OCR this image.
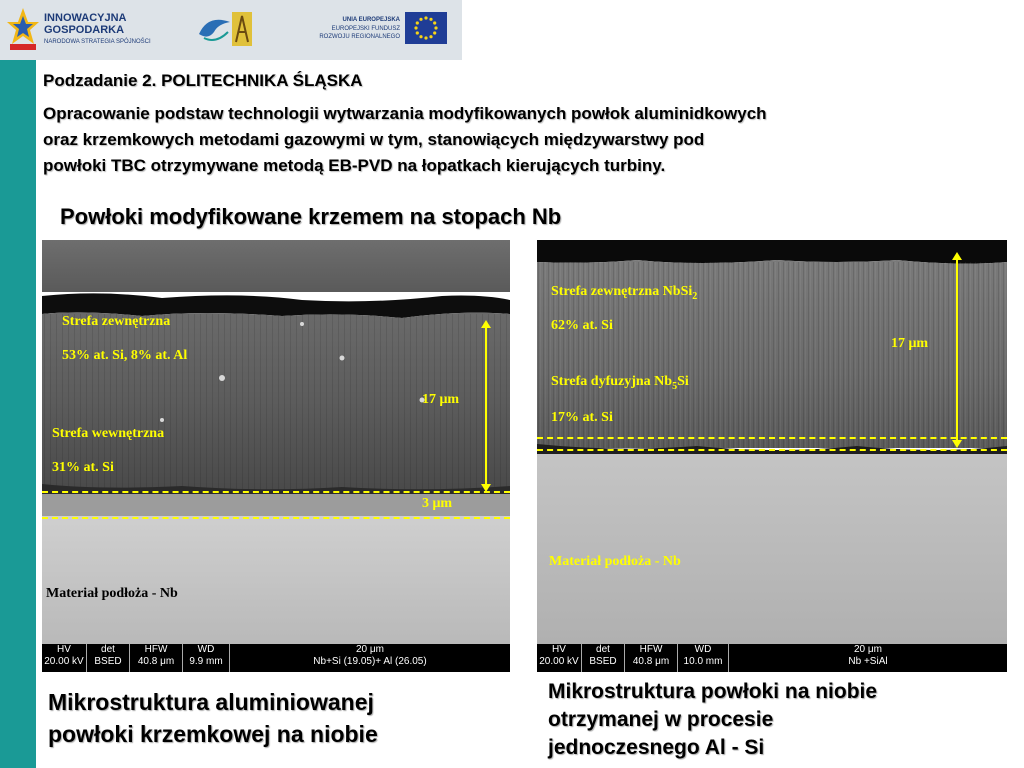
INNOWACYJNA
GOSPODARKA
NARODOWA STRATEGIA SPÓJNOŚCI
UNIA EUROPEJSKA
EUROPEJSKI FUNDUSZ
ROZWOJU REGIONALNEGO
Podzadanie 2. POLITECHNIKA ŚLĄSKA
Opracowanie podstaw technologii wytwarzania modyfikowanych powłok aluminidkowych
oraz krzemkowych metodami gazowymi w tym, stanowiących międzywarstwy pod
powłoki TBC otrzymywane metodą EB-PVD na łopatkach kierujących turbiny.
Powłoki modyfikowane krzemem na stopach Nb
Strefa zewnętrzna
53% at. Si, 8% at. Al
Strefa wewnętrzna
31% at. Si
17 μm
3 μm
Materiał podłoża - Nb
HV
20.00 kV
det
BSED
HFW
40.8 μm
WD
9.9 mm
20 μm
Nb+Si (19.05)+ Al (26.05)
Strefa zewnętrzna NbSi$_2$
62% at. Si
Strefa dyfuzyjna $Nb_5Si$
17% at. Si
17 μm
Materiał podłoża - Nb
HV
20.00 kV
det
BSED
HFW
40.8 μm
WD
10.0 mm
20 μm
Nb +SiAl
Mikrostruktura aluminiowanej
powłoki krzemkowej na niobie
Mikrostruktura powłoki na niobie
otrzymanej w procesie
jednoczesnego Al - Si
